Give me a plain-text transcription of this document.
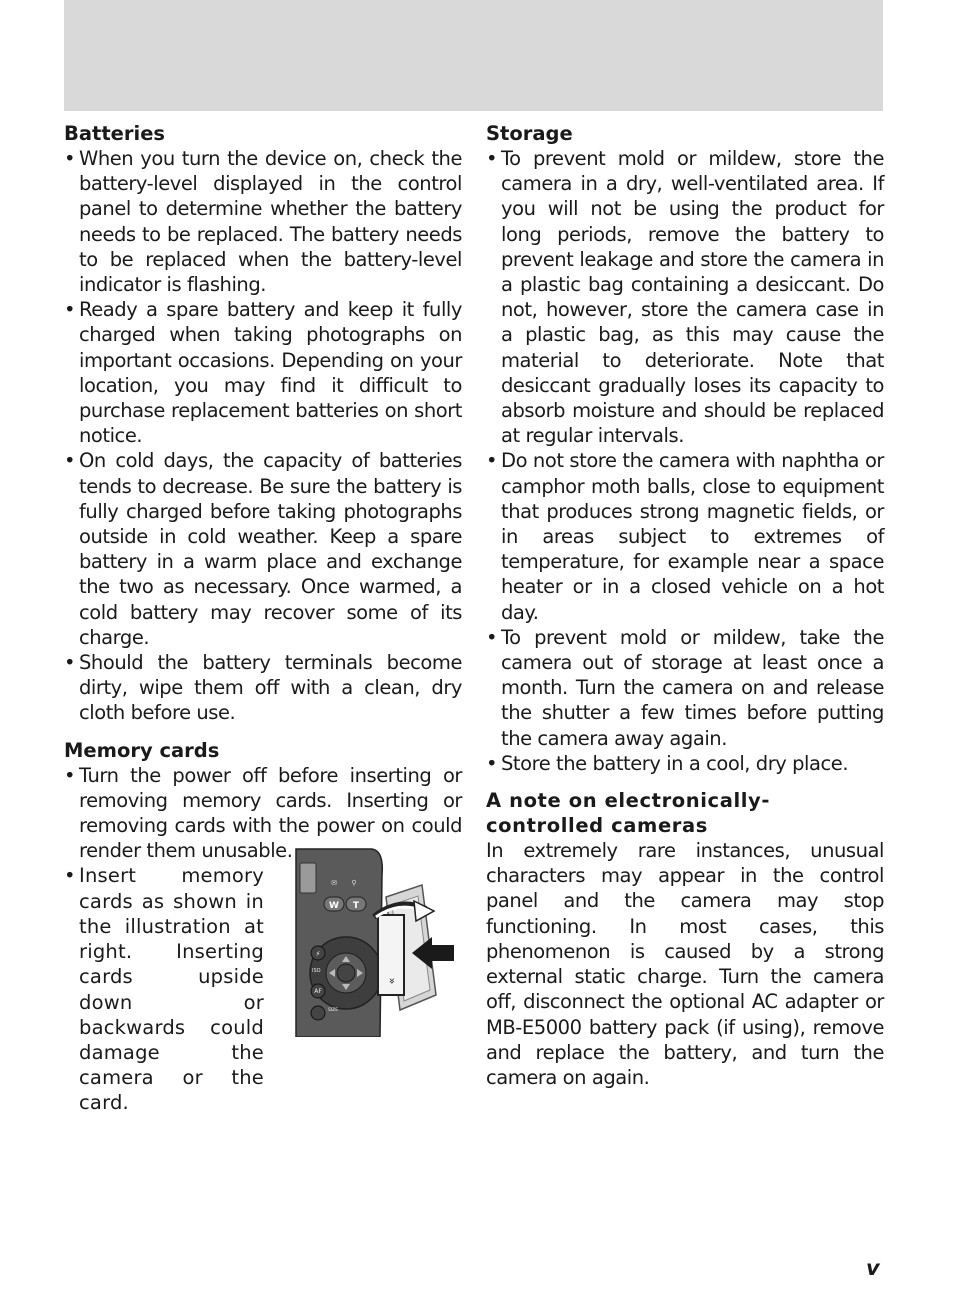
Batteries
• When you turn the device on, check the battery-level displayed in the control panel to determine whether the battery needs to be replaced. The battery needs to be replaced when the battery-level indicator is flashing.
• Ready a spare battery and keep it fully charged when taking photographs on important occasions. Depending on your location, you may find it difficult to purchase replacement batteries on short notice.
• On cold days, the capacity of batteries tends to decrease. Be sure the battery is fully charged before taking photographs outside in cold weather. Keep a spare battery in a warm place and exchange the two as necessary. Once warmed, a cold battery may recover some of its charge.
• Should the battery terminals become dirty, wipe them off with a clean, dry cloth before use.
Memory cards
• Turn the power off before inserting or removing memory cards. Inserting or removing cards with the power on could render them unusable.
• Insert memory cards as shown in the illustration at right. Inserting cards upside down or backwards could damage the camera or the card.
W T
✉ ⚲
⚡
ISO
AF
SIZE
«
Storage
• To prevent mold or mildew, store the camera in a dry, well-ventilated area. If you will not be using the product for long periods, remove the battery to prevent leakage and store the camera in a plastic bag containing a desiccant. Do not, however, store the camera case in a plastic bag, as this may cause the material to deteriorate. Note that desiccant gradually loses its capacity to absorb moisture and should be replaced at regular intervals.
• Do not store the camera with naphtha or camphor moth balls, close to equipment that produces strong magnetic fields, or in areas subject to extremes of temperature, for example near a space heater or in a closed vehicle on a hot day.
• To prevent mold or mildew, take the camera out of storage at least once a month. Turn the camera on and release the shutter a few times before putting the camera away again.
• Store the battery in a cool, dry place.
A note on electronically-controlled cameras

In extremely rare instances, unusual characters may appear in the control panel and the camera may stop functioning. In most cases, this phenomenon is caused by a strong external static charge. Turn the camera off, disconnect the optional AC adapter or MB-E5000 battery pack (if using), remove and replace the battery, and turn the camera on again.

v
